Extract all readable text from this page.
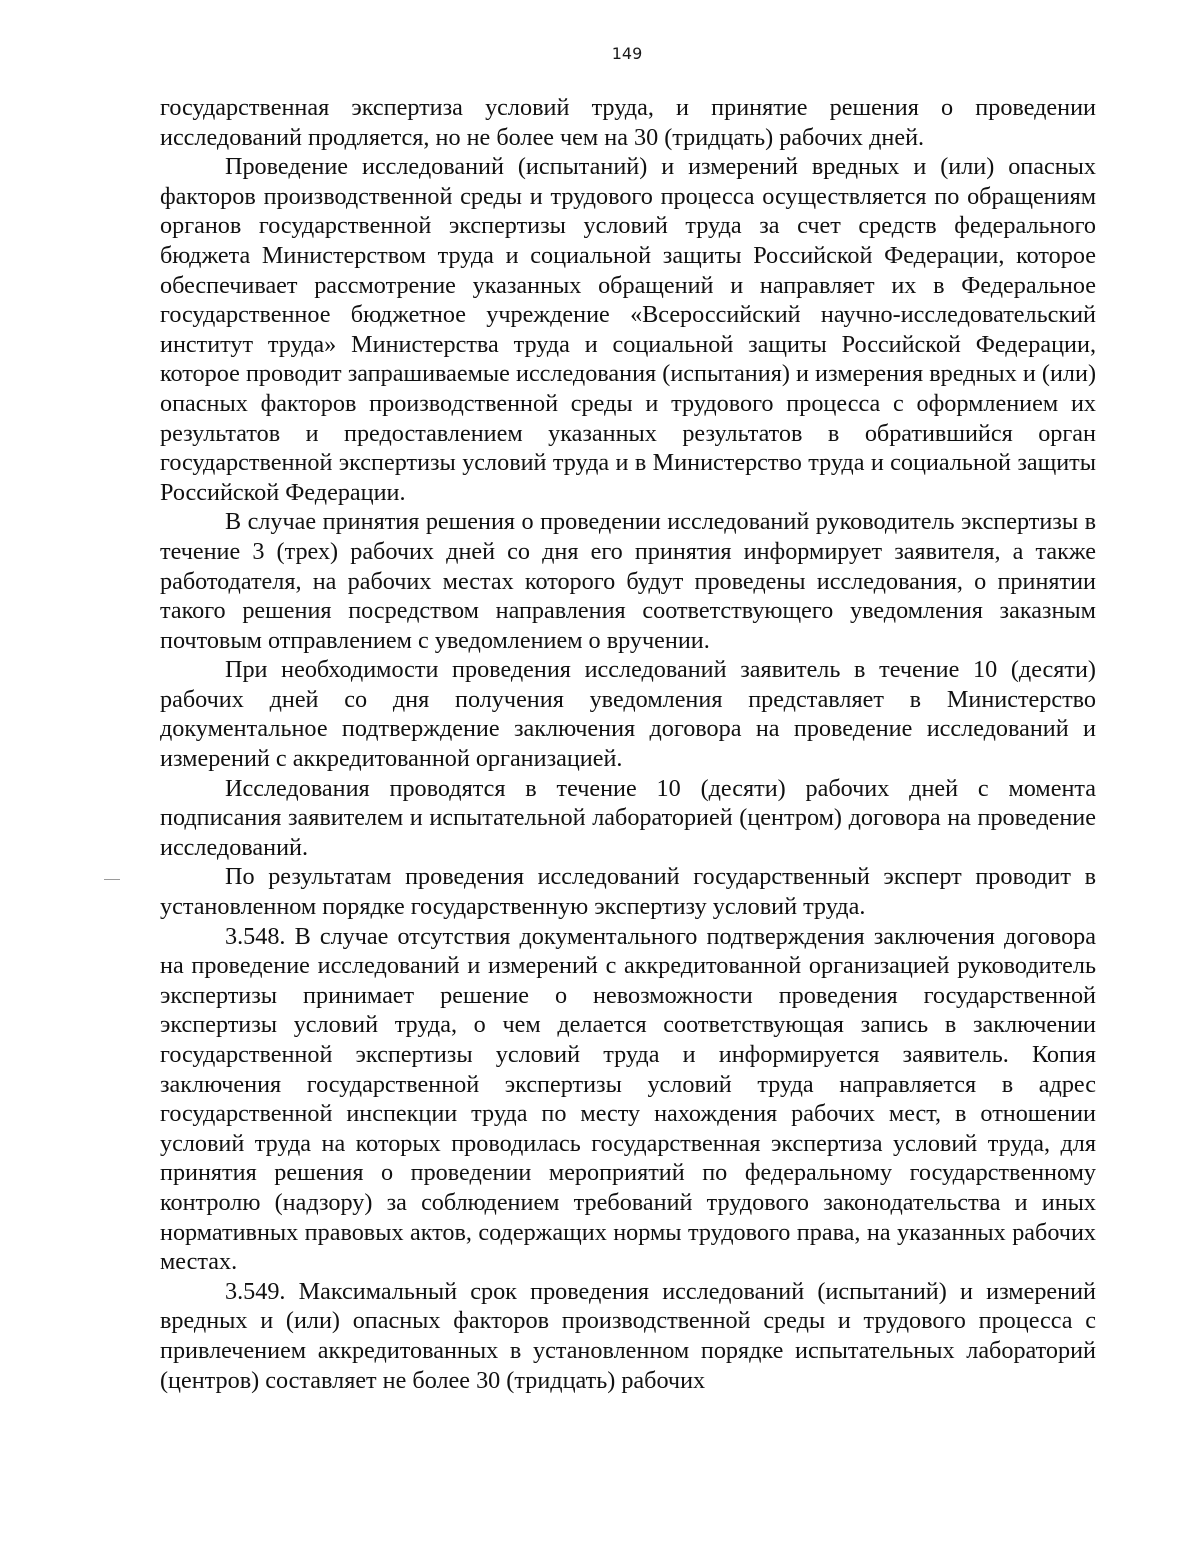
149

государственная экспертиза условий труда, и принятие решения о проведении исследований продляется, но не более чем на 30 (тридцать) рабочих дней.

Проведение исследований (испытаний) и измерений вредных и (или) опасных факторов производственной среды и трудового процесса осуществляется по обращениям органов государственной экспертизы условий труда за счет средств федерального бюджета Министерством труда и социальной защиты Российской Федерации, которое обеспечивает рассмотрение указанных обращений и направляет их в Федеральное государственное бюджетное учреждение «Всероссийский научно-исследовательский институт труда» Министерства труда и социальной защиты Российской Федерации, которое проводит запрашиваемые исследования (испытания) и измерения вредных и (или) опасных факторов производственной среды и трудового процесса с оформлением их результатов и предоставлением указанных результатов в обратившийся орган государственной экспертизы условий труда и в Министерство труда и социальной защиты Российской Федерации.

В случае принятия решения о проведении исследований руководитель экспертизы в течение 3 (трех) рабочих дней со дня его принятия информирует заявителя, а также работодателя, на рабочих местах которого будут проведены исследования, о принятии такого решения посредством направления соответствующего уведомления заказным почтовым отправлением с уведомлением о вручении.

При необходимости проведения исследований заявитель в течение 10 (десяти) рабочих дней со дня получения уведомления представляет в Министерство документальное подтверждение заключения договора на проведение исследований и измерений с аккредитованной организацией.

Исследования проводятся в течение 10 (десяти) рабочих дней с момента подписания заявителем и испытательной лабораторией (центром) договора на проведение исследований.

По результатам проведения исследований государственный эксперт проводит в установленном порядке государственную экспертизу условий труда.

3.548. В случае отсутствия документального подтверждения заключения договора на проведение исследований и измерений с аккредитованной организацией руководитель экспертизы принимает решение о невозможности проведения государственной экспертизы условий труда, о чем делается соответствующая запись в заключении государственной экспертизы условий труда и информируется заявитель. Копия заключения государственной экспертизы условий труда направляется в адрес государственной инспекции труда по месту нахождения рабочих мест, в отношении условий труда на которых проводилась государственная экспертиза условий труда, для принятия решения о проведении мероприятий по федеральному государственному контролю (надзору) за соблюдением требований трудового законодательства и иных нормативных правовых актов, содержащих нормы трудового права, на указанных рабочих местах.

3.549. Максимальный срок проведения исследований (испытаний) и измерений вредных и (или) опасных факторов производственной среды и трудового процесса с привлечением аккредитованных в установленном порядке испытательных лабораторий (центров) составляет не более 30 (тридцать) рабочих
